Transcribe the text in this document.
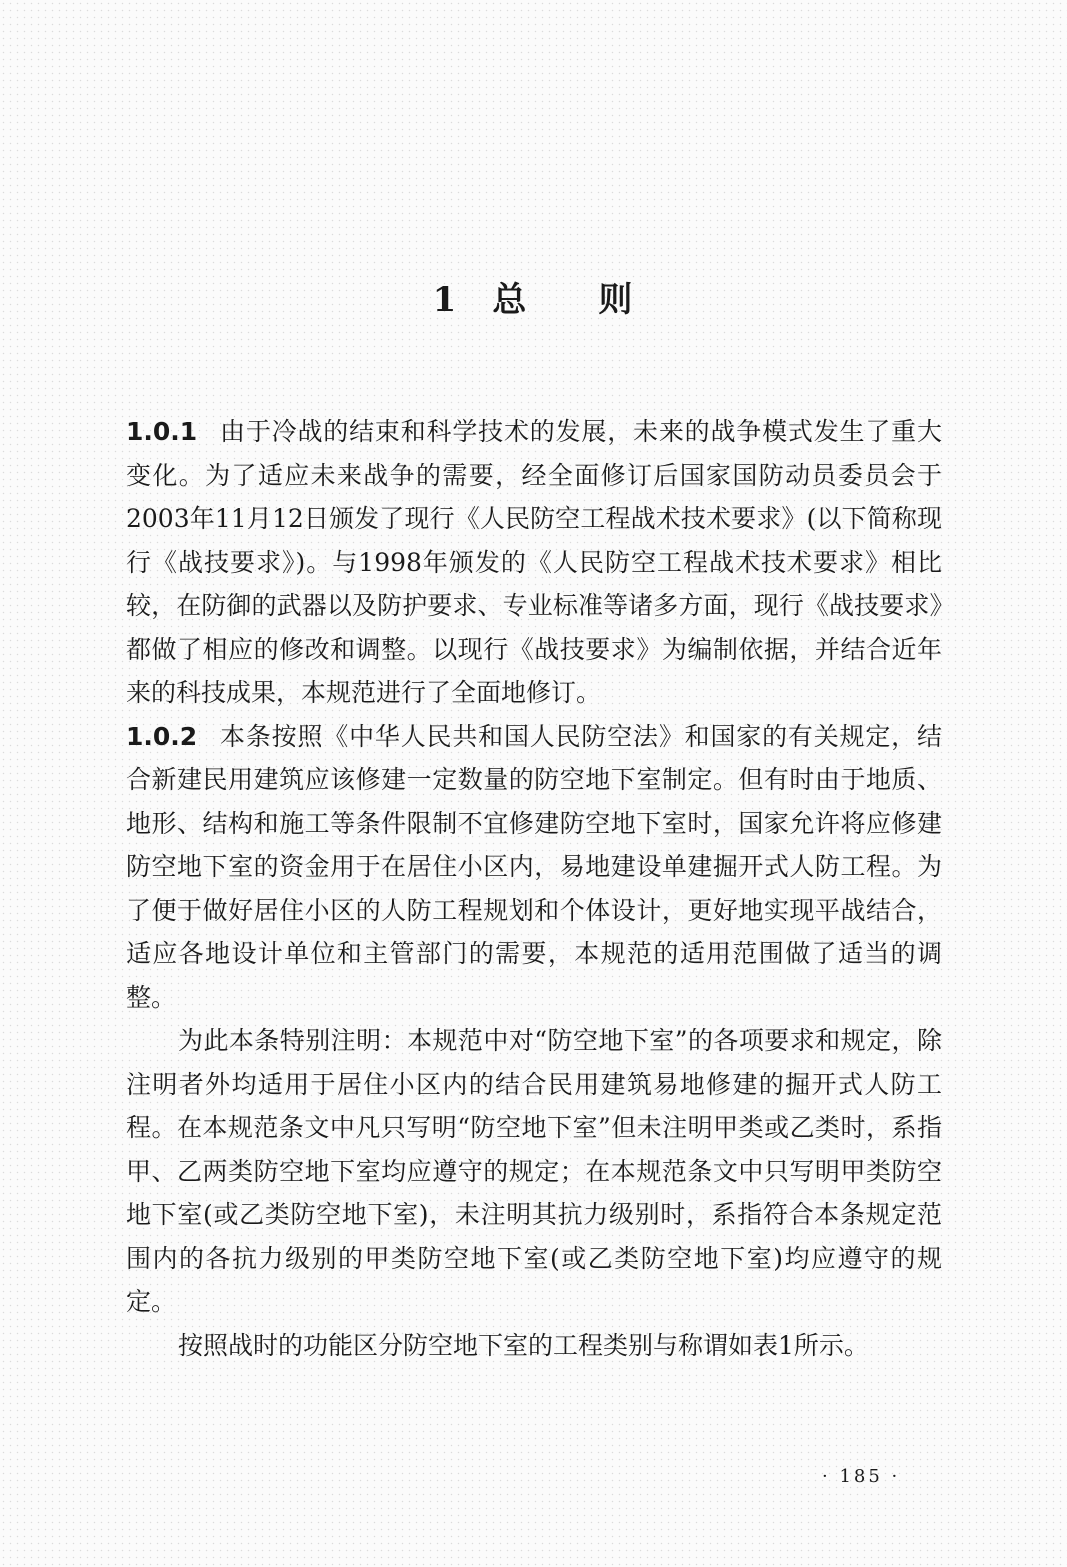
1 总 则

1.0.1 由于冷战的结束和科学技术的发展，未来的战争模式发生了重大变化。为了适应未来战争的需要，经全面修订后国家国防动员委员会于2003年11月12日颁发了现行《人民防空工程战术技术要求》(以下简称现行《战技要求》)。与1998年颁发的《人民防空工程战术技术要求》相比较，在防御的武器以及防护要求、专业标准等诸多方面，现行《战技要求》都做了相应的修改和调整。以现行《战技要求》为编制依据，并结合近年来的科技成果，本规范进行了全面地修订。

1.0.2 本条按照《中华人民共和国人民防空法》和国家的有关规定，结合新建民用建筑应该修建一定数量的防空地下室制定。但有时由于地质、地形、结构和施工等条件限制不宜修建防空地下室时，国家允许将应修建防空地下室的资金用于在居住小区内，易地建设单建掘开式人防工程。为了便于做好居住小区的人防工程规划和个体设计，更好地实现平战结合，适应各地设计单位和主管部门的需要，本规范的适用范围做了适当的调整。

为此本条特别注明：本规范中对“防空地下室”的各项要求和规定，除注明者外均适用于居住小区内的结合民用建筑易地修建的掘开式人防工程。在本规范条文中凡只写明“防空地下室”但未注明甲类或乙类时，系指甲、乙两类防空地下室均应遵守的规定；在本规范条文中只写明甲类防空地下室(或乙类防空地下室)，未注明其抗力级别时，系指符合本条规定范围内的各抗力级别的甲类防空地下室(或乙类防空地下室)均应遵守的规定。

按照战时的功能区分防空地下室的工程类别与称谓如表1所示。

· 185 ·
